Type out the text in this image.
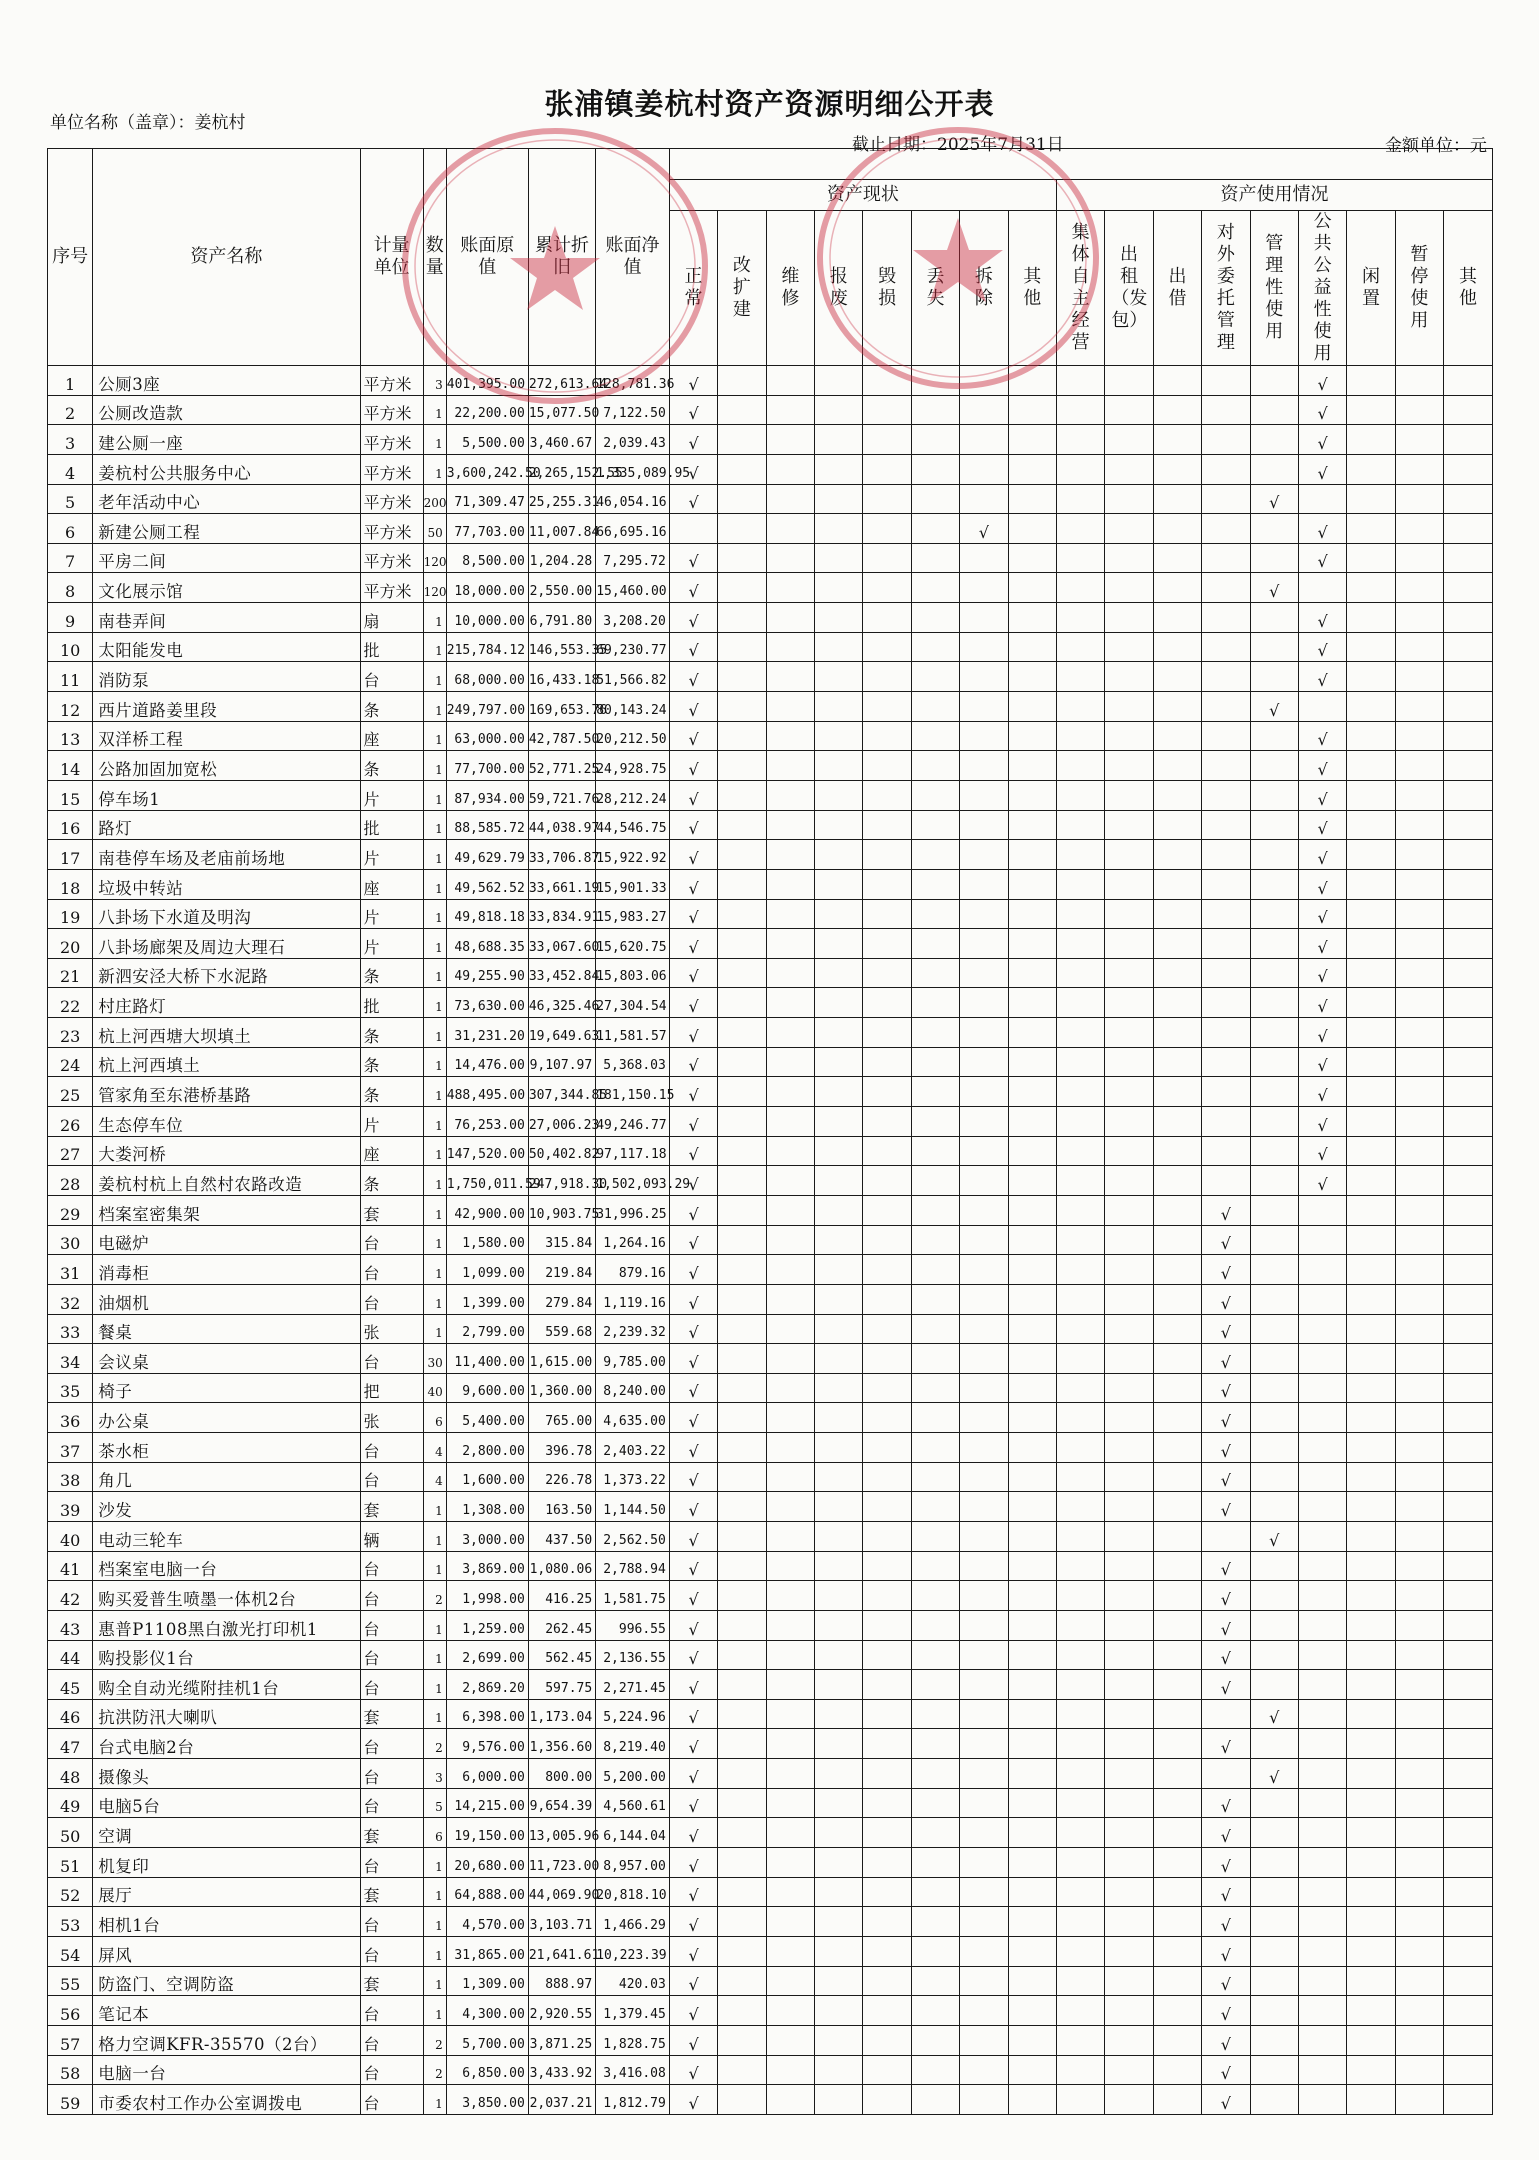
张浦镇姜杭村资产资源明细公开表
单位名称（盖章）：姜杭村
截止日期：2025年7月31日	金额单位：元
序号	资产名称	计量单位	数量	账面原值	累计折旧	账面净值																	
							资产现状								资产使用情况								
							正常	改扩建	维修	报废	毁损	丢失	拆除	其他	集体自主经营	出租（发包）	出借	对外委托管理	管理性使用	公共公益性使用	闲置	暂停使用	其他
1	公厕3座	平方米	3	401,395.00	272,613.64	128,781.36	√													√			
2	公厕改造款	平方米	1	22,200.00	15,077.50	7,122.50	√													√			
3	建公厕一座	平方米	1	5,500.00	3,460.67	2,039.43	√													√			
4	姜杭村公共服务中心	平方米	1	3,600,242.50	2,265,152.55	1,335,089.95	√													√			
5	老年活动中心	平方米	200	71,309.47	25,255.31	46,054.16	√												√				
6	新建公厕工程	平方米	50	77,703.00	11,007.84	66,695.16							√							√			
7	平房二间	平方米	120	8,500.00	1,204.28	7,295.72	√													√			
8	文化展示馆	平方米	120	18,000.00	2,550.00	15,460.00	√												√				
9	南巷弄间	扇	1	10,000.00	6,791.80	3,208.20	√													√			
10	太阳能发电	批	1	215,784.12	146,553.35	69,230.77	√													√			
11	消防泵	台	1	68,000.00	16,433.18	51,566.82	√													√			
12	西片道路姜里段	条	1	249,797.00	169,653.76	80,143.24	√												√				
13	双洋桥工程	座	1	63,000.00	42,787.50	20,212.50	√													√			
14	公路加固加宽松	条	1	77,700.00	52,771.25	24,928.75	√													√			
15	停车场1	片	1	87,934.00	59,721.76	28,212.24	√													√			
16	路灯	批	1	88,585.72	44,038.97	44,546.75	√													√			
17	南巷停车场及老庙前场地	片	1	49,629.79	33,706.87	15,922.92	√													√			
18	垃圾中转站	座	1	49,562.52	33,661.19	15,901.33	√													√			
19	八卦场下水道及明沟	片	1	49,818.18	33,834.91	15,983.27	√													√			
20	八卦场廊架及周边大理石	片	1	48,688.35	33,067.60	15,620.75	√													√			
21	新泗安泾大桥下水泥路	条	1	49,255.90	33,452.84	15,803.06	√													√			
22	村庄路灯	批	1	73,630.00	46,325.46	27,304.54	√													√			
23	杭上河西塘大坝填土	条	1	31,231.20	19,649.63	11,581.57	√													√			
24	杭上河西填土	条	1	14,476.00	9,107.97	5,368.03	√													√			
25	管家角至东港桥基路	条	1	488,495.00	307,344.85	181,150.15	√													√			
26	生态停车位	片	1	76,253.00	27,006.23	49,246.77	√													√			
27	大娄河桥	座	1	147,520.00	50,402.82	97,117.18	√													√			
28	姜杭村杭上自然村农路改造	条	1	1,750,011.59	247,918.30	1,502,093.29	√													√			
29	档案室密集架	套	1	42,900.00	10,903.75	31,996.25	√											√					
30	电磁炉	台	1	1,580.00	315.84	1,264.16	√											√					
31	消毒柜	台	1	1,099.00	219.84	879.16	√											√					
32	油烟机	台	1	1,399.00	279.84	1,119.16	√											√					
33	餐桌	张	1	2,799.00	559.68	2,239.32	√											√					
34	会议桌	台	30	11,400.00	1,615.00	9,785.00	√											√					
35	椅子	把	40	9,600.00	1,360.00	8,240.00	√											√					
36	办公桌	张	6	5,400.00	765.00	4,635.00	√											√					
37	茶水柜	台	4	2,800.00	396.78	2,403.22	√											√					
38	角几	台	4	1,600.00	226.78	1,373.22	√											√					
39	沙发	套	1	1,308.00	163.50	1,144.50	√											√					
40	电动三轮车	辆	1	3,000.00	437.50	2,562.50	√												√				
41	档案室电脑一台	台	1	3,869.00	1,080.06	2,788.94	√											√					
42	购买爱普生喷墨一体机2台	台	2	1,998.00	416.25	1,581.75	√											√					
43	惠普P1108黑白激光打印机1	台	1	1,259.00	262.45	996.55	√											√					
44	购投影仪1台	台	1	2,699.00	562.45	2,136.55	√											√					
45	购全自动光缆附挂机1台	台	1	2,869.20	597.75	2,271.45	√											√					
46	抗洪防汛大喇叭	套	1	6,398.00	1,173.04	5,224.96	√												√				
47	台式电脑2台	台	2	9,576.00	1,356.60	8,219.40	√											√					
48	摄像头	台	3	6,000.00	800.00	5,200.00	√												√				
49	电脑5台	台	5	14,215.00	9,654.39	4,560.61	√											√					
50	空调	套	6	19,150.00	13,005.96	6,144.04	√											√					
51	机复印	台	1	20,680.00	11,723.00	8,957.00	√											√					
52	展厅	套	1	64,888.00	44,069.90	20,818.10	√											√					
53	相机1台	台	1	4,570.00	3,103.71	1,466.29	√											√					
54	屏风	台	1	31,865.00	21,641.61	10,223.39	√											√					
55	防盗门、空调防盗	套	1	1,309.00	888.97	420.03	√											√					
56	笔记本	台	1	4,300.00	2,920.55	1,379.45	√											√					
57	格力空调KFR-35570（2台）	台	2	5,700.00	3,871.25	1,828.75	√											√					
58	电脑一台	台	2	6,850.00	3,433.92	3,416.08	√											√					
59	市委农村工作办公室调拨电	台	1	3,850.00	2,037.21	1,812.79	√											√					
